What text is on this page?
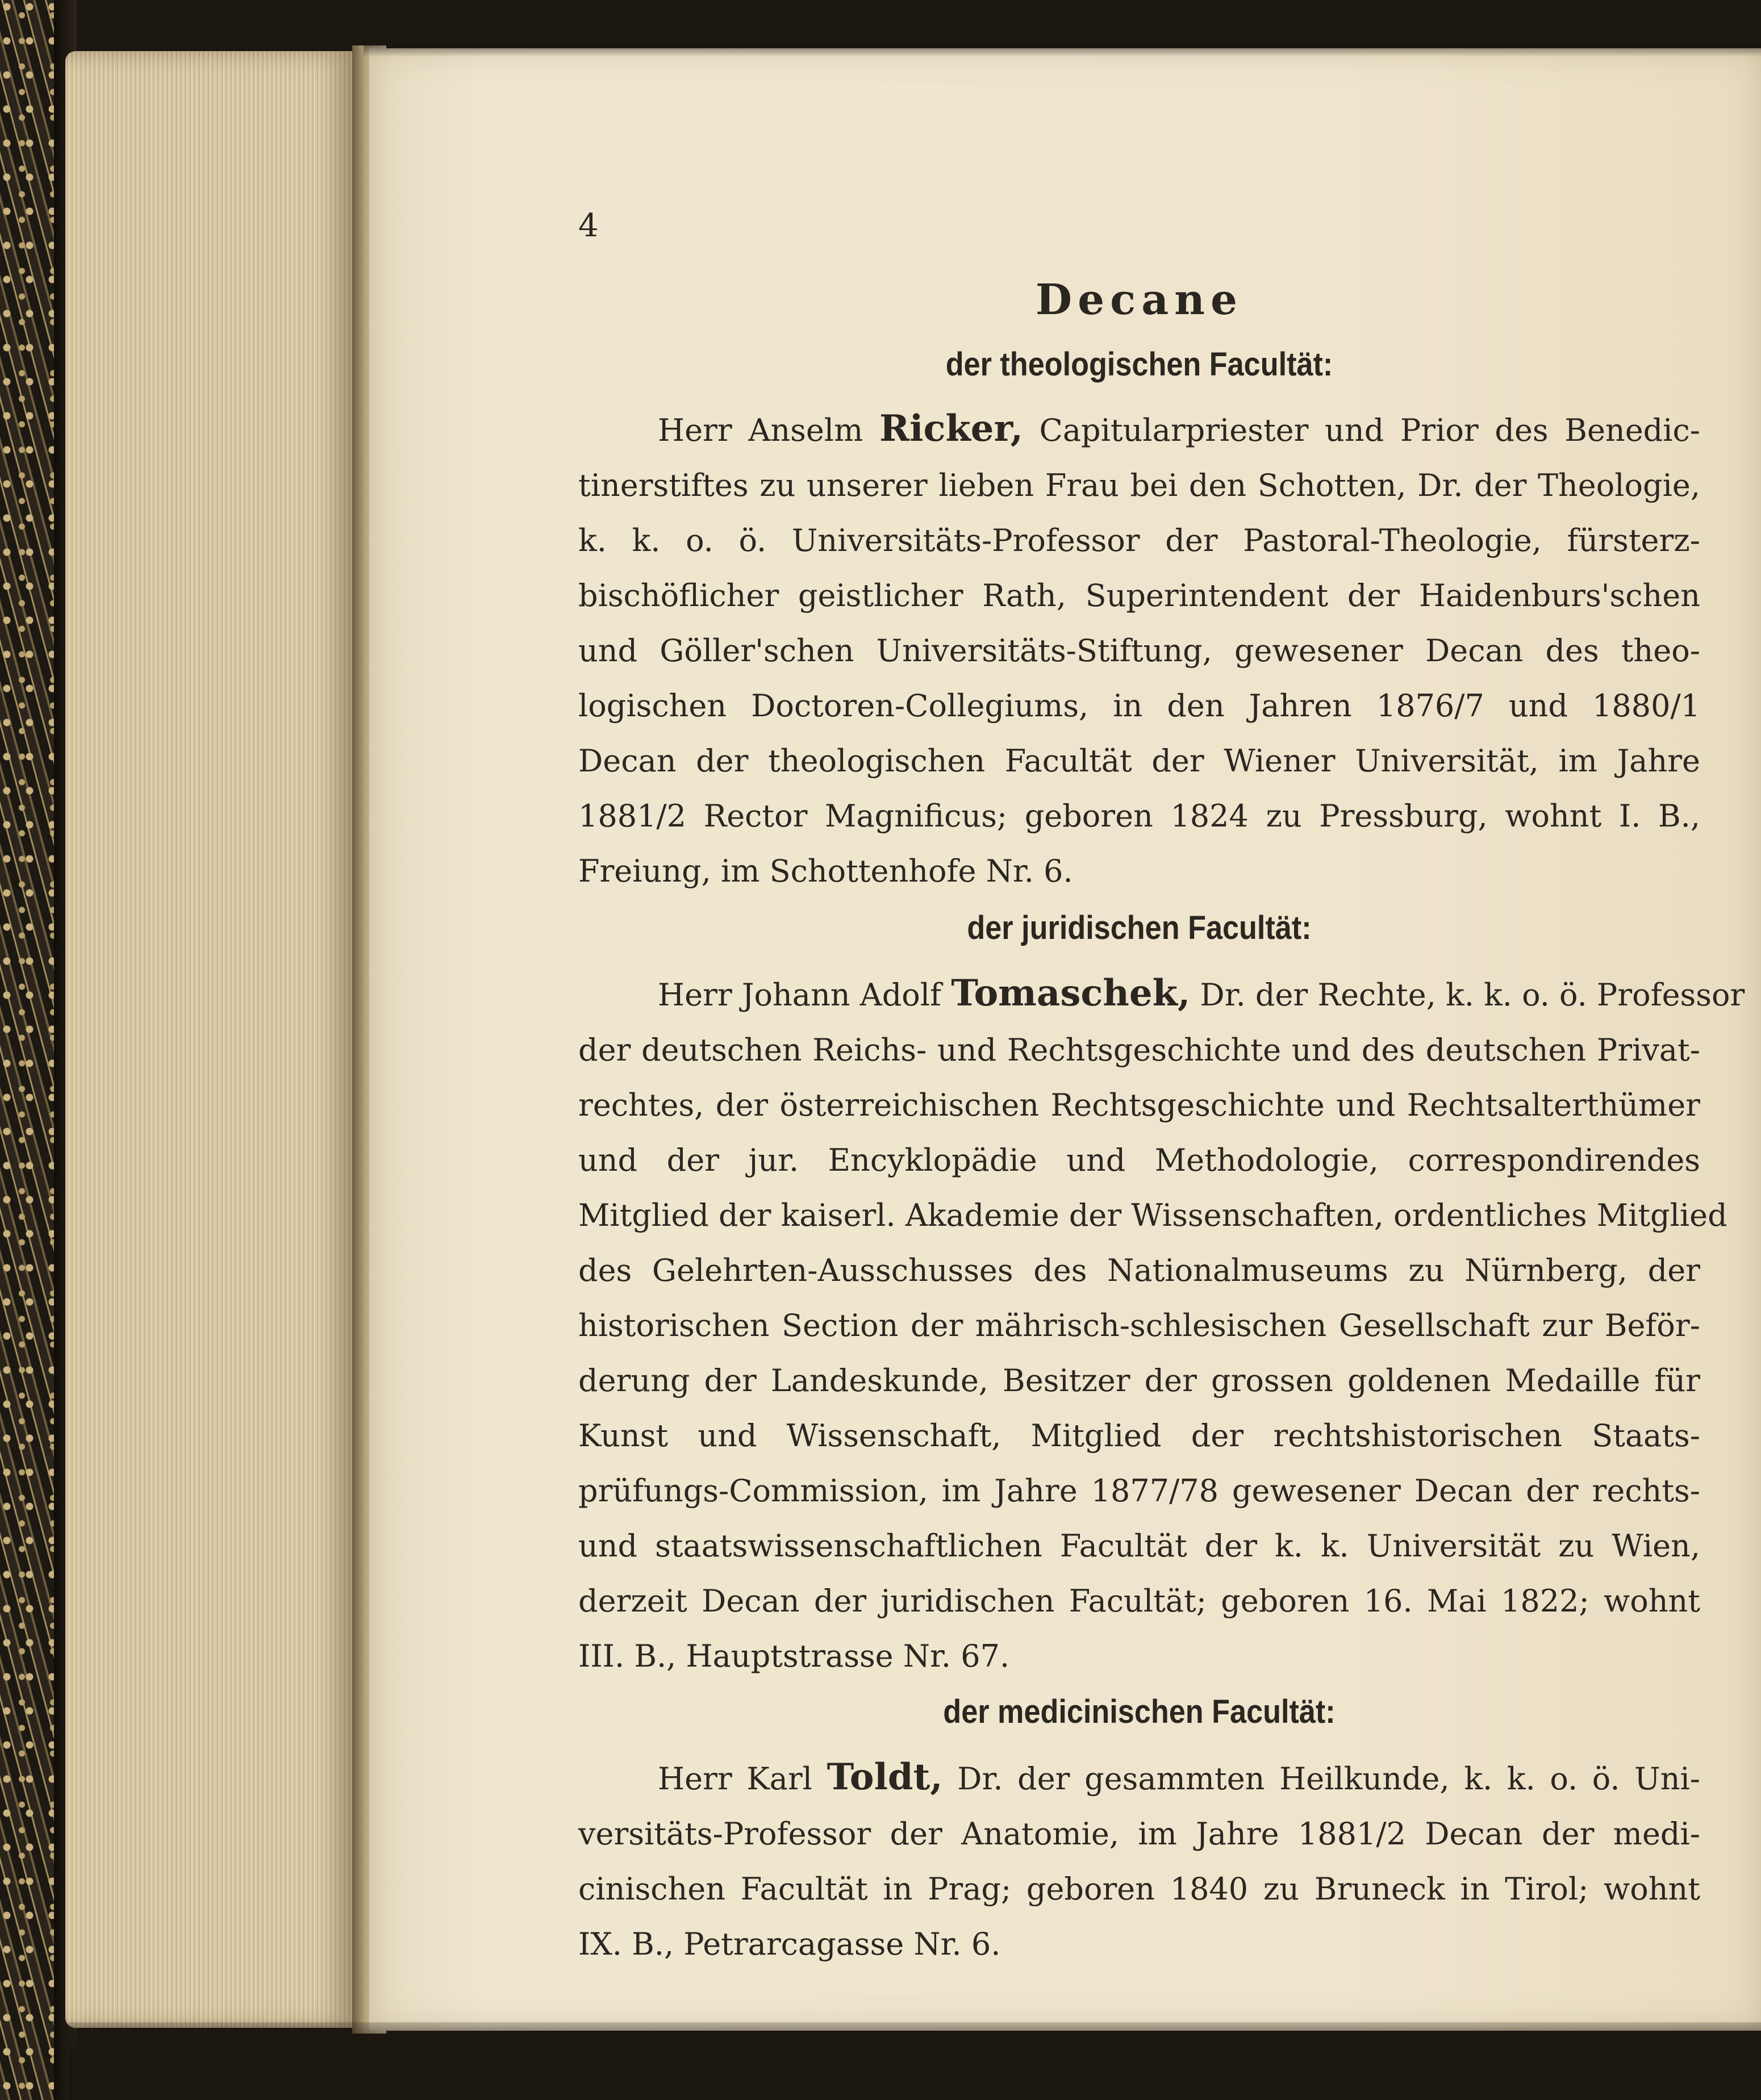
4
Decane
der theologischen Facultät:
Herr Anselm Ricker, Capitularpriester und Prior des Benedic-
tinerstiftes zu unserer lieben Frau bei den Schotten, Dr. der Theologie,
k. k. o. ö. Universitäts-Professor der Pastoral-Theologie, fürsterz-
bischöflicher geistlicher Rath, Superintendent der Haidenburs'schen
und Göller'schen Universitäts-Stiftung, gewesener Decan des theo-
logischen Doctoren-Collegiums, in den Jahren 1876/7 und 1880/1
Decan der theologischen Facultät der Wiener Universität, im Jahre
1881/2 Rector Magnificus; geboren 1824 zu Pressburg, wohnt I. B.,
Freiung, im Schottenhofe Nr. 6.
der juridischen Facultät:
Herr Johann Adolf Tomaschek, Dr. der Rechte, k. k. o. ö. Professor
der deutschen Reichs- und Rechtsgeschichte und des deutschen Privat-
rechtes, der österreichischen Rechtsgeschichte und Rechtsalterthümer
und der jur. Encyklopädie und Methodologie, correspondirendes
Mitglied der kaiserl. Akademie der Wissenschaften, ordentliches Mitglied
des Gelehrten-Ausschusses des Nationalmuseums zu Nürnberg, der
historischen Section der mährisch-schlesischen Gesellschaft zur Beför-
derung der Landeskunde, Besitzer der grossen goldenen Medaille für
Kunst und Wissenschaft, Mitglied der rechtshistorischen Staats-
prüfungs-Commission, im Jahre 1877/78 gewesener Decan der rechts-
und staatswissenschaftlichen Facultät der k. k. Universität zu Wien,
derzeit Decan der juridischen Facultät; geboren 16. Mai 1822; wohnt
III. B., Hauptstrasse Nr. 67.
der medicinischen Facultät:
Herr Karl Toldt, Dr. der gesammten Heilkunde, k. k. o. ö. Uni-
versitäts-Professor der Anatomie, im Jahre 1881/2 Decan der medi-
cinischen Facultät in Prag; geboren 1840 zu Bruneck in Tirol; wohnt
IX. B., Petrarcagasse Nr. 6.
